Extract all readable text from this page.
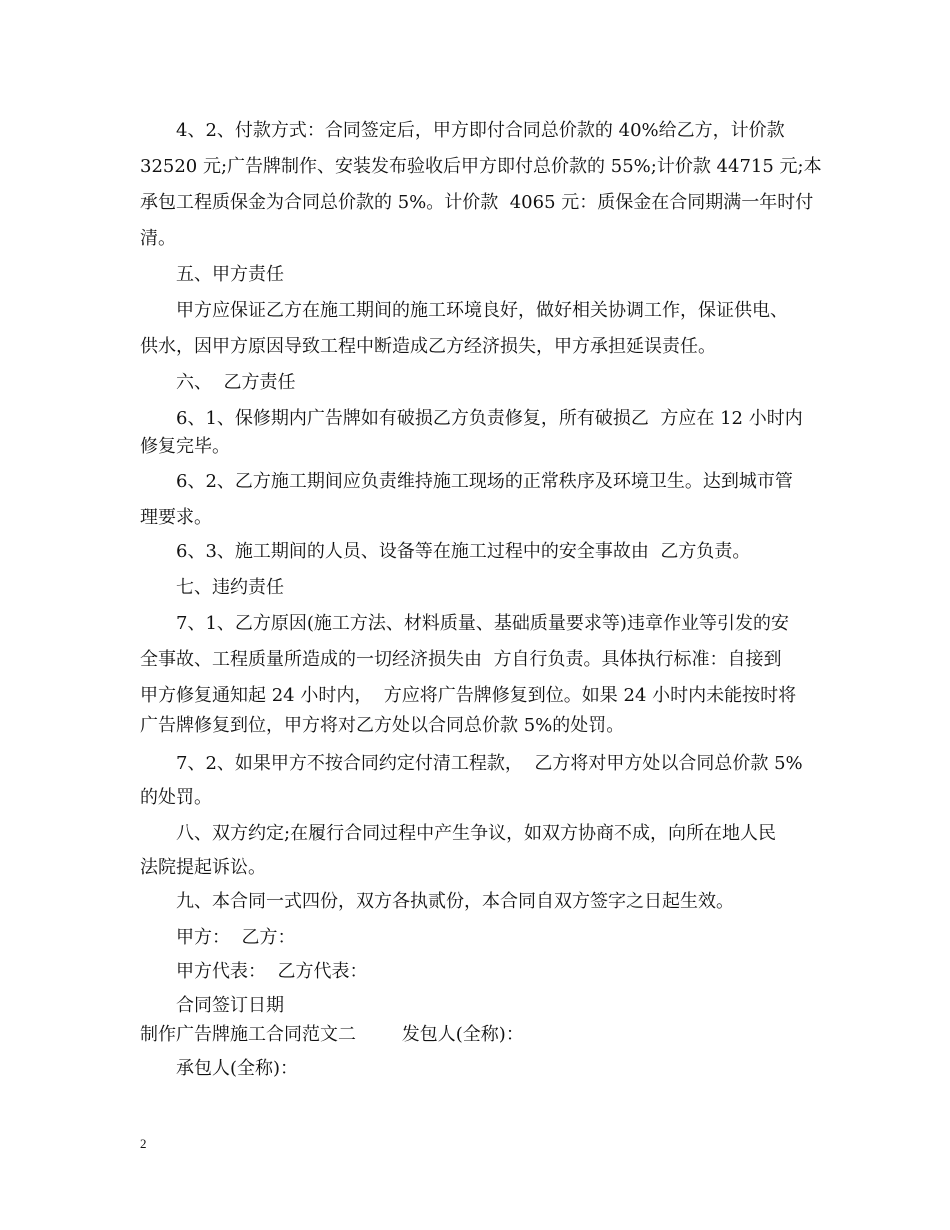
4、2、付款方式：合同签定后，甲方即付合同总价款的 40%给乙方，计价款
32520 元;广告牌制作、安装发布验收后甲方即付总价款的 55%;计价款 44715 元;本
承包工程质保金为合同总价款的 5%。计价款  4065 元：质保金在合同期满一年时付
清。
五、甲方责任
甲方应保证乙方在施工期间的施工环境良好，做好相关协调工作，保证供电、
供水，因甲方原因导致工程中断造成乙方经济损失，甲方承担延误责任。
六、  乙方责任
6、1、保修期内广告牌如有破损乙方负责修复，所有破损乙  方应在 12 小时内
修复完毕。
6、2、乙方施工期间应负责维持施工现场的正常秩序及环境卫生。达到城市管
理要求。
6、3、施工期间的人员、设备等在施工过程中的安全事故由  乙方负责。
七、违约责任
7、1、乙方原因(施工方法、材料质量、基础质量要求等)违章作业等引发的安
全事故、工程质量所造成的一切经济损失由  方自行负责。具体执行标准：自接到
甲方修复通知起 24 小时内，  方应将广告牌修复到位。如果 24 小时内未能按时将
广告牌修复到位，甲方将对乙方处以合同总价款 5%的处罚。
7、2、如果甲方不按合同约定付清工程款，  乙方将对甲方处以合同总价款 5%
的处罚。
八、双方约定;在履行合同过程中产生争议，如双方协商不成，向所在地人民
法院提起诉讼。
九、本合同一式四份，双方各执贰份，本合同自双方签字之日起生效。
甲方：  乙方：
甲方代表：  乙方代表：
合同签订日期
制作广告牌施工合同范文二        发包人(全称)：
承包人(全称)：
2
